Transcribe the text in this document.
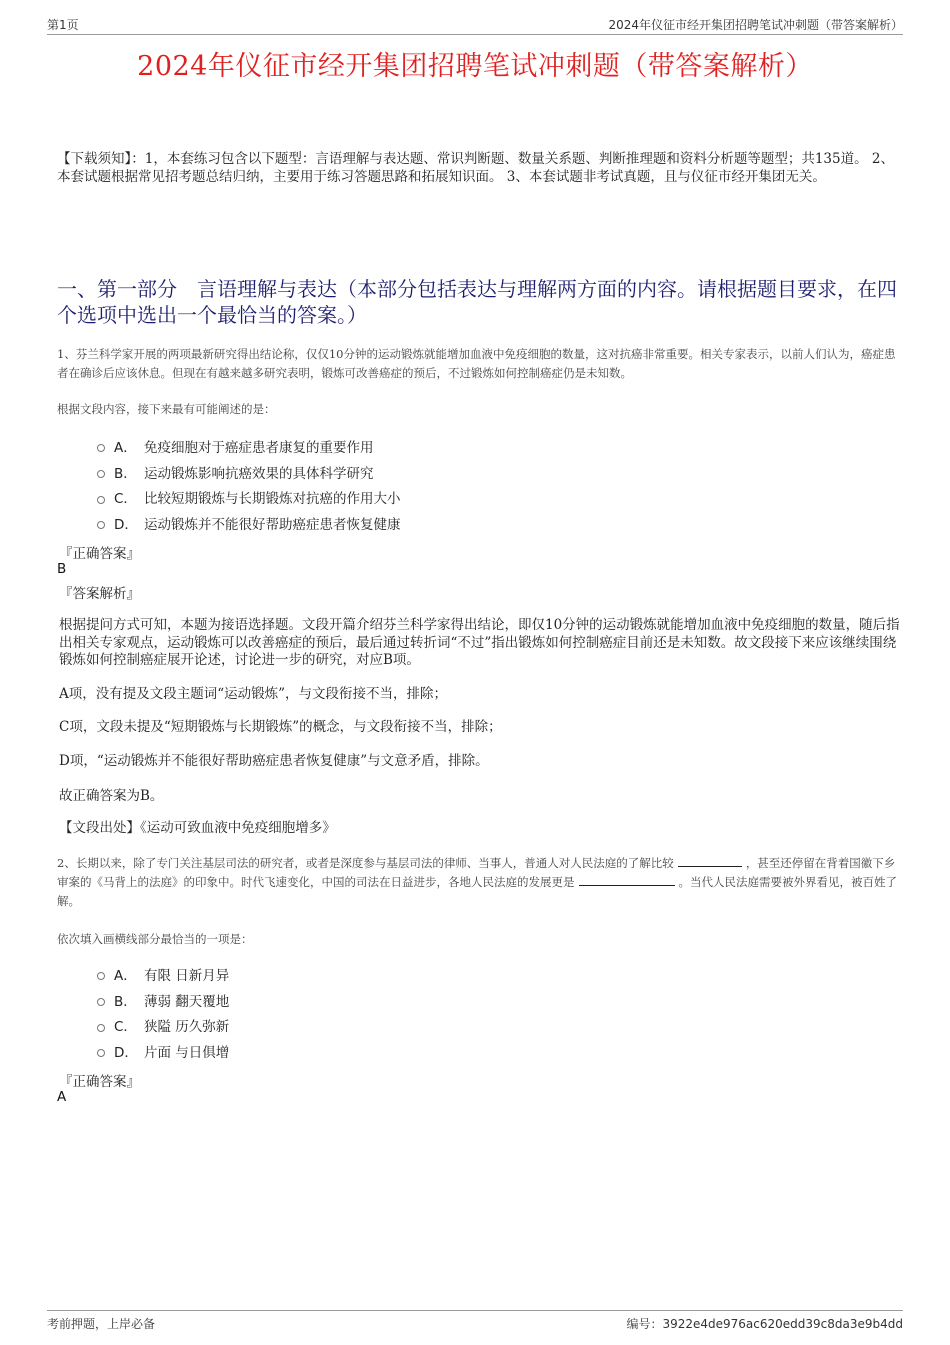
第1页	2024年仪征市经开集团招聘笔试冲刺题（带答案解析）
2024年仪征市经开集团招聘笔试冲刺题（带答案解析）
【下载须知】：1，本套练习包含以下题型：言语理解与表达题、常识判断题、数量关系题、判断推理题和资料分析题等题型；共135道。 2、本套试题根据常见招考题总结归纳，主要用于练习答题思路和拓展知识面。 3、本套试题非考试真题，且与仪征市经开集团无关。
一、第一部分　言语理解与表达（本部分包括表达与理解两方面的内容。请根据题目要求，在四个选项中选出一个最恰当的答案。）
1、芬兰科学家开展的两项最新研究得出结论称，仅仅10分钟的运动锻炼就能增加血液中免疫细胞的数量，这对抗癌非常重要。相关专家表示，以前人们认为，癌症患者在确诊后应该休息。但现在有越来越多研究表明，锻炼可改善癌症的预后，不过锻炼如何控制癌症仍是未知数。
根据文段内容，接下来最有可能阐述的是：
A． 免疫细胞对于癌症患者康复的重要作用
B． 运动锻炼影响抗癌效果的具体科学研究
C． 比较短期锻炼与长期锻炼对抗癌的作用大小
D． 运动锻炼并不能很好帮助癌症患者恢复健康
『正确答案』
B
『答案解析』
根据提问方式可知，本题为接语选择题。文段开篇介绍芬兰科学家得出结论，即仅10分钟的运动锻炼就能增加血液中免疫细胞的数量，随后指出相关专家观点，运动锻炼可以改善癌症的预后，最后通过转折词“不过”指出锻炼如何控制癌症目前还是未知数。故文段接下来应该继续围绕锻炼如何控制癌症展开论述，讨论进一步的研究，对应B项。
A项，没有提及文段主题词“运动锻炼”，与文段衔接不当，排除；
C项，文段未提及“短期锻炼与长期锻炼”的概念，与文段衔接不当，排除；
D项，“运动锻炼并不能很好帮助癌症患者恢复健康”与文意矛盾，排除。
故正确答案为B。
【文段出处】《运动可致血液中免疫细胞增多》
2、长期以来，除了专门关注基层司法的研究者，或者是深度参与基层司法的律师、当事人，普通人对人民法庭的了解比较	，甚至还停留在背着国徽下乡审案的《马背上的法庭》的印象中。时代飞速变化，中国的司法在日益进步，各地人民法庭的发展更是	。当代人民法庭需要被外界看见，被百姓了解。
依次填入画横线部分最恰当的一项是：
A． 有限 日新月异
B． 薄弱 翻天覆地
C． 狭隘 历久弥新
D． 片面 与日俱增
『正确答案』
A
考前押题，上岸必备	编号：3922e4de976ac620edd39c8da3e9b4dd
